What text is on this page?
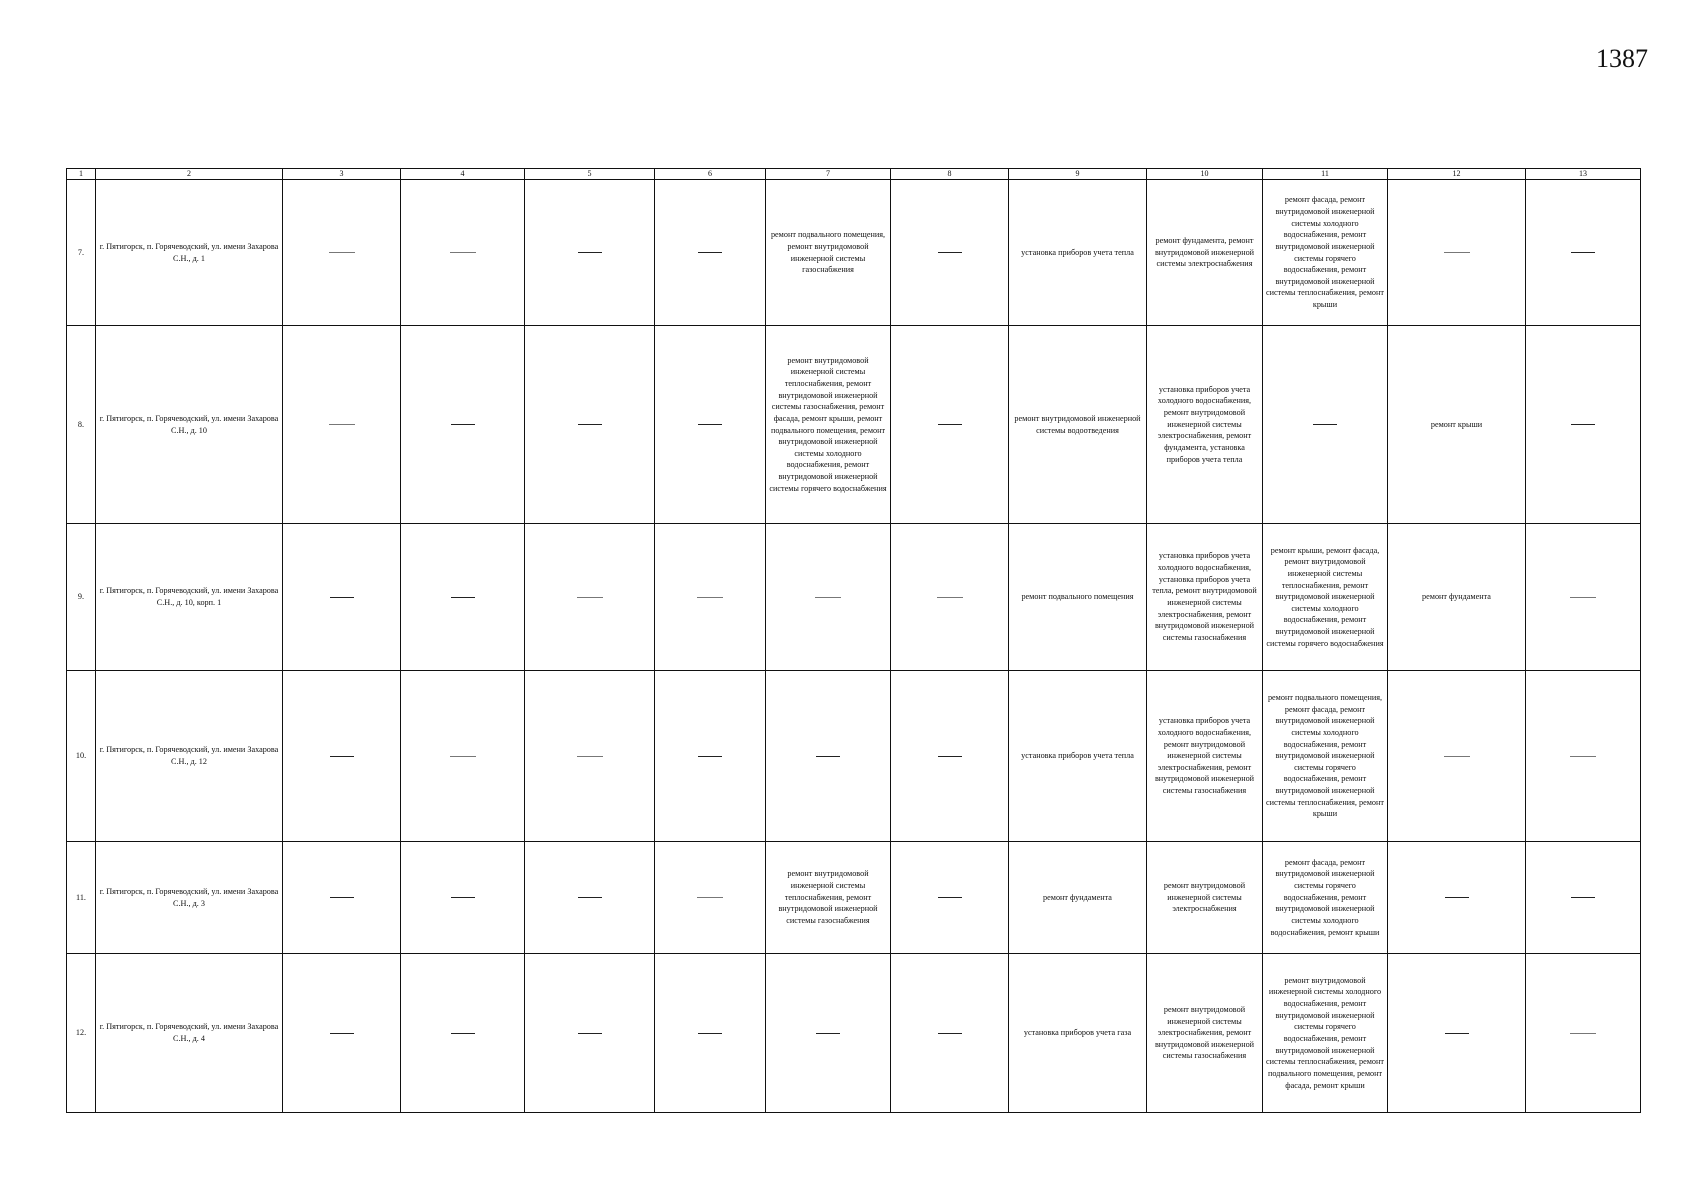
1387
1	2	3	4	5	6	7	8	9	10	11	12	13
7.	г. Пятигорск, п. Горячеводский, ул. имени Захарова С.Н., д. 1					ремонт подвального помещения, ремонт внутридомовой инженерной системы газоснабжения		установка приборов учета тепла	ремонт фундамента, ремонт внутридомовой инженерной системы электроснабжения	ремонт фасада, ремонт внутридомовой инженерной системы холодного водоснабжения, ремонт внутридомовой инженерной системы горячего водоснабжения, ремонт внутридомовой инженерной системы теплоснабжения, ремонт крыши		
8.	г. Пятигорск, п. Горячеводский, ул. имени Захарова С.Н., д. 10					ремонт внутридомовой инженерной системы теплоснабжения, ремонт внутридомовой инженерной системы газоснабжения, ремонт фасада, ремонт крыши, ремонт подвального помещения, ремонт внутридомовой инженерной системы холодного водоснабжения, ремонт внутридомовой инженерной системы горячего водоснабжения		ремонт внутридомовой инженерной системы водоотведения	установка приборов учета холодного водоснабжения, ремонт внутридомовой инженерной системы электроснабжения, ремонт фундамента, установка приборов учета тепла		ремонт крыши	
9.	г. Пятигорск, п. Горячеводский, ул. имени Захарова С.Н., д. 10, корп. 1							ремонт подвального помещения	установка приборов учета холодного водоснабжения, установка приборов учета тепла, ремонт внутридомовой инженерной системы электроснабжения, ремонт внутридомовой инженерной системы газоснабжения	ремонт крыши, ремонт фасада, ремонт внутридомовой инженерной системы теплоснабжения, ремонт внутридомовой инженерной системы холодного водоснабжения, ремонт внутридомовой инженерной системы горячего водоснабжения	ремонт фундамента	
10.	г. Пятигорск, п. Горячеводский, ул. имени Захарова С.Н., д. 12							установка приборов учета тепла	установка приборов учета холодного водоснабжения, ремонт внутридомовой инженерной системы электроснабжения, ремонт внутридомовой инженерной системы газоснабжения	ремонт подвального помещения, ремонт фасада, ремонт внутридомовой инженерной системы холодного водоснабжения, ремонт внутридомовой инженерной системы горячего водоснабжения, ремонт внутридомовой инженерной системы теплоснабжения, ремонт крыши		
11.	г. Пятигорск, п. Горячеводский, ул. имени Захарова С.Н., д. 3					ремонт внутридомовой инженерной системы теплоснабжения, ремонт внутридомовой инженерной системы газоснабжения		ремонт фундамента	ремонт внутридомовой инженерной системы электроснабжения	ремонт фасада, ремонт внутридомовой инженерной системы горячего водоснабжения, ремонт внутридомовой инженерной системы холодного водоснабжения, ремонт крыши		
12.	г. Пятигорск, п. Горячеводский, ул. имени Захарова С.Н., д. 4							установка приборов учета газа	ремонт внутридомовой инженерной системы электроснабжения, ремонт внутридомовой инженерной системы газоснабжения	ремонт внутридомовой инженерной системы холодного водоснабжения, ремонт внутридомовой инженерной системы горячего водоснабжения, ремонт внутридомовой инженерной системы теплоснабжения, ремонт подвального помещения, ремонт фасада, ремонт крыши		
